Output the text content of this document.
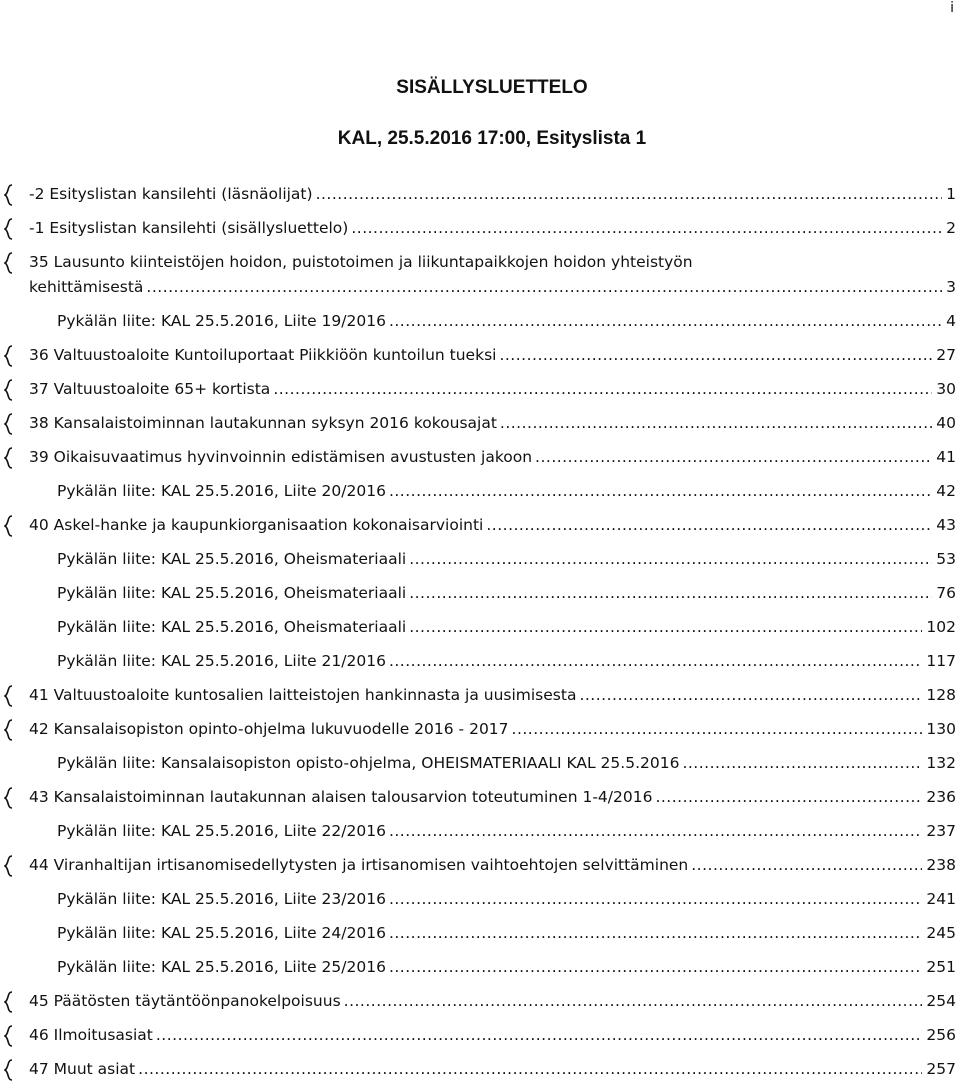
i
SISÄLLYSLUETTELO
KAL, 25.5.2016 17:00, Esityslista 1
-2 Esityslistan kansilehti (läsnäolijat) .....	1
-1 Esityslistan kansilehti (sisällysluettelo) .....	2
35 Lausunto kiinteistöjen hoidon, puistotoimen ja liikuntapaikkojen hoidon yhteistyön
kehittämisestä .....	3
Pykälän liite: KAL 25.5.2016, Liite 19/2016 .....	4
36 Valtuustoaloite Kuntoiluportaat Piikkiöön kuntoilun tueksi .....	27
37 Valtuustoaloite 65+ kortista .....	30
38 Kansalaistoiminnan lautakunnan syksyn 2016 kokousajat .....	40
39 Oikaisuvaatimus hyvinvoinnin edistämisen avustusten jakoon .....	41
Pykälän liite: KAL 25.5.2016, Liite 20/2016 .....	42
40 Askel-hanke ja kaupunkiorganisaation kokonaisarviointi .....	43
Pykälän liite: KAL 25.5.2016, Oheismateriaali .....	53
Pykälän liite: KAL 25.5.2016, Oheismateriaali .....	76
Pykälän liite: KAL 25.5.2016, Oheismateriaali .....	102
Pykälän liite: KAL 25.5.2016, Liite 21/2016 .....	117
41 Valtuustoaloite kuntosalien laitteistojen hankinnasta ja uusimisesta .....	128
42 Kansalaisopiston opinto-ohjelma lukuvuodelle 2016 - 2017 .....	130
Pykälän liite: Kansalaisopiston opisto-ohjelma, OHEISMATERIAALI KAL 25.5.2016 .....	132
43 Kansalaistoiminnan lautakunnan alaisen talousarvion toteutuminen 1-4/2016 .....	236
Pykälän liite: KAL 25.5.2016, Liite 22/2016 .....	237
44 Viranhaltijan irtisanomisedellytysten ja irtisanomisen vaihtoehtojen selvittäminen .....	238
Pykälän liite: KAL 25.5.2016, Liite 23/2016 .....	241
Pykälän liite: KAL 25.5.2016, Liite 24/2016 .....	245
Pykälän liite: KAL 25.5.2016, Liite 25/2016 .....	251
45 Päätösten täytäntöönpanokelpoisuus .....	254
46 Ilmoitusasiat .....	256
47 Muut asiat .....	257
